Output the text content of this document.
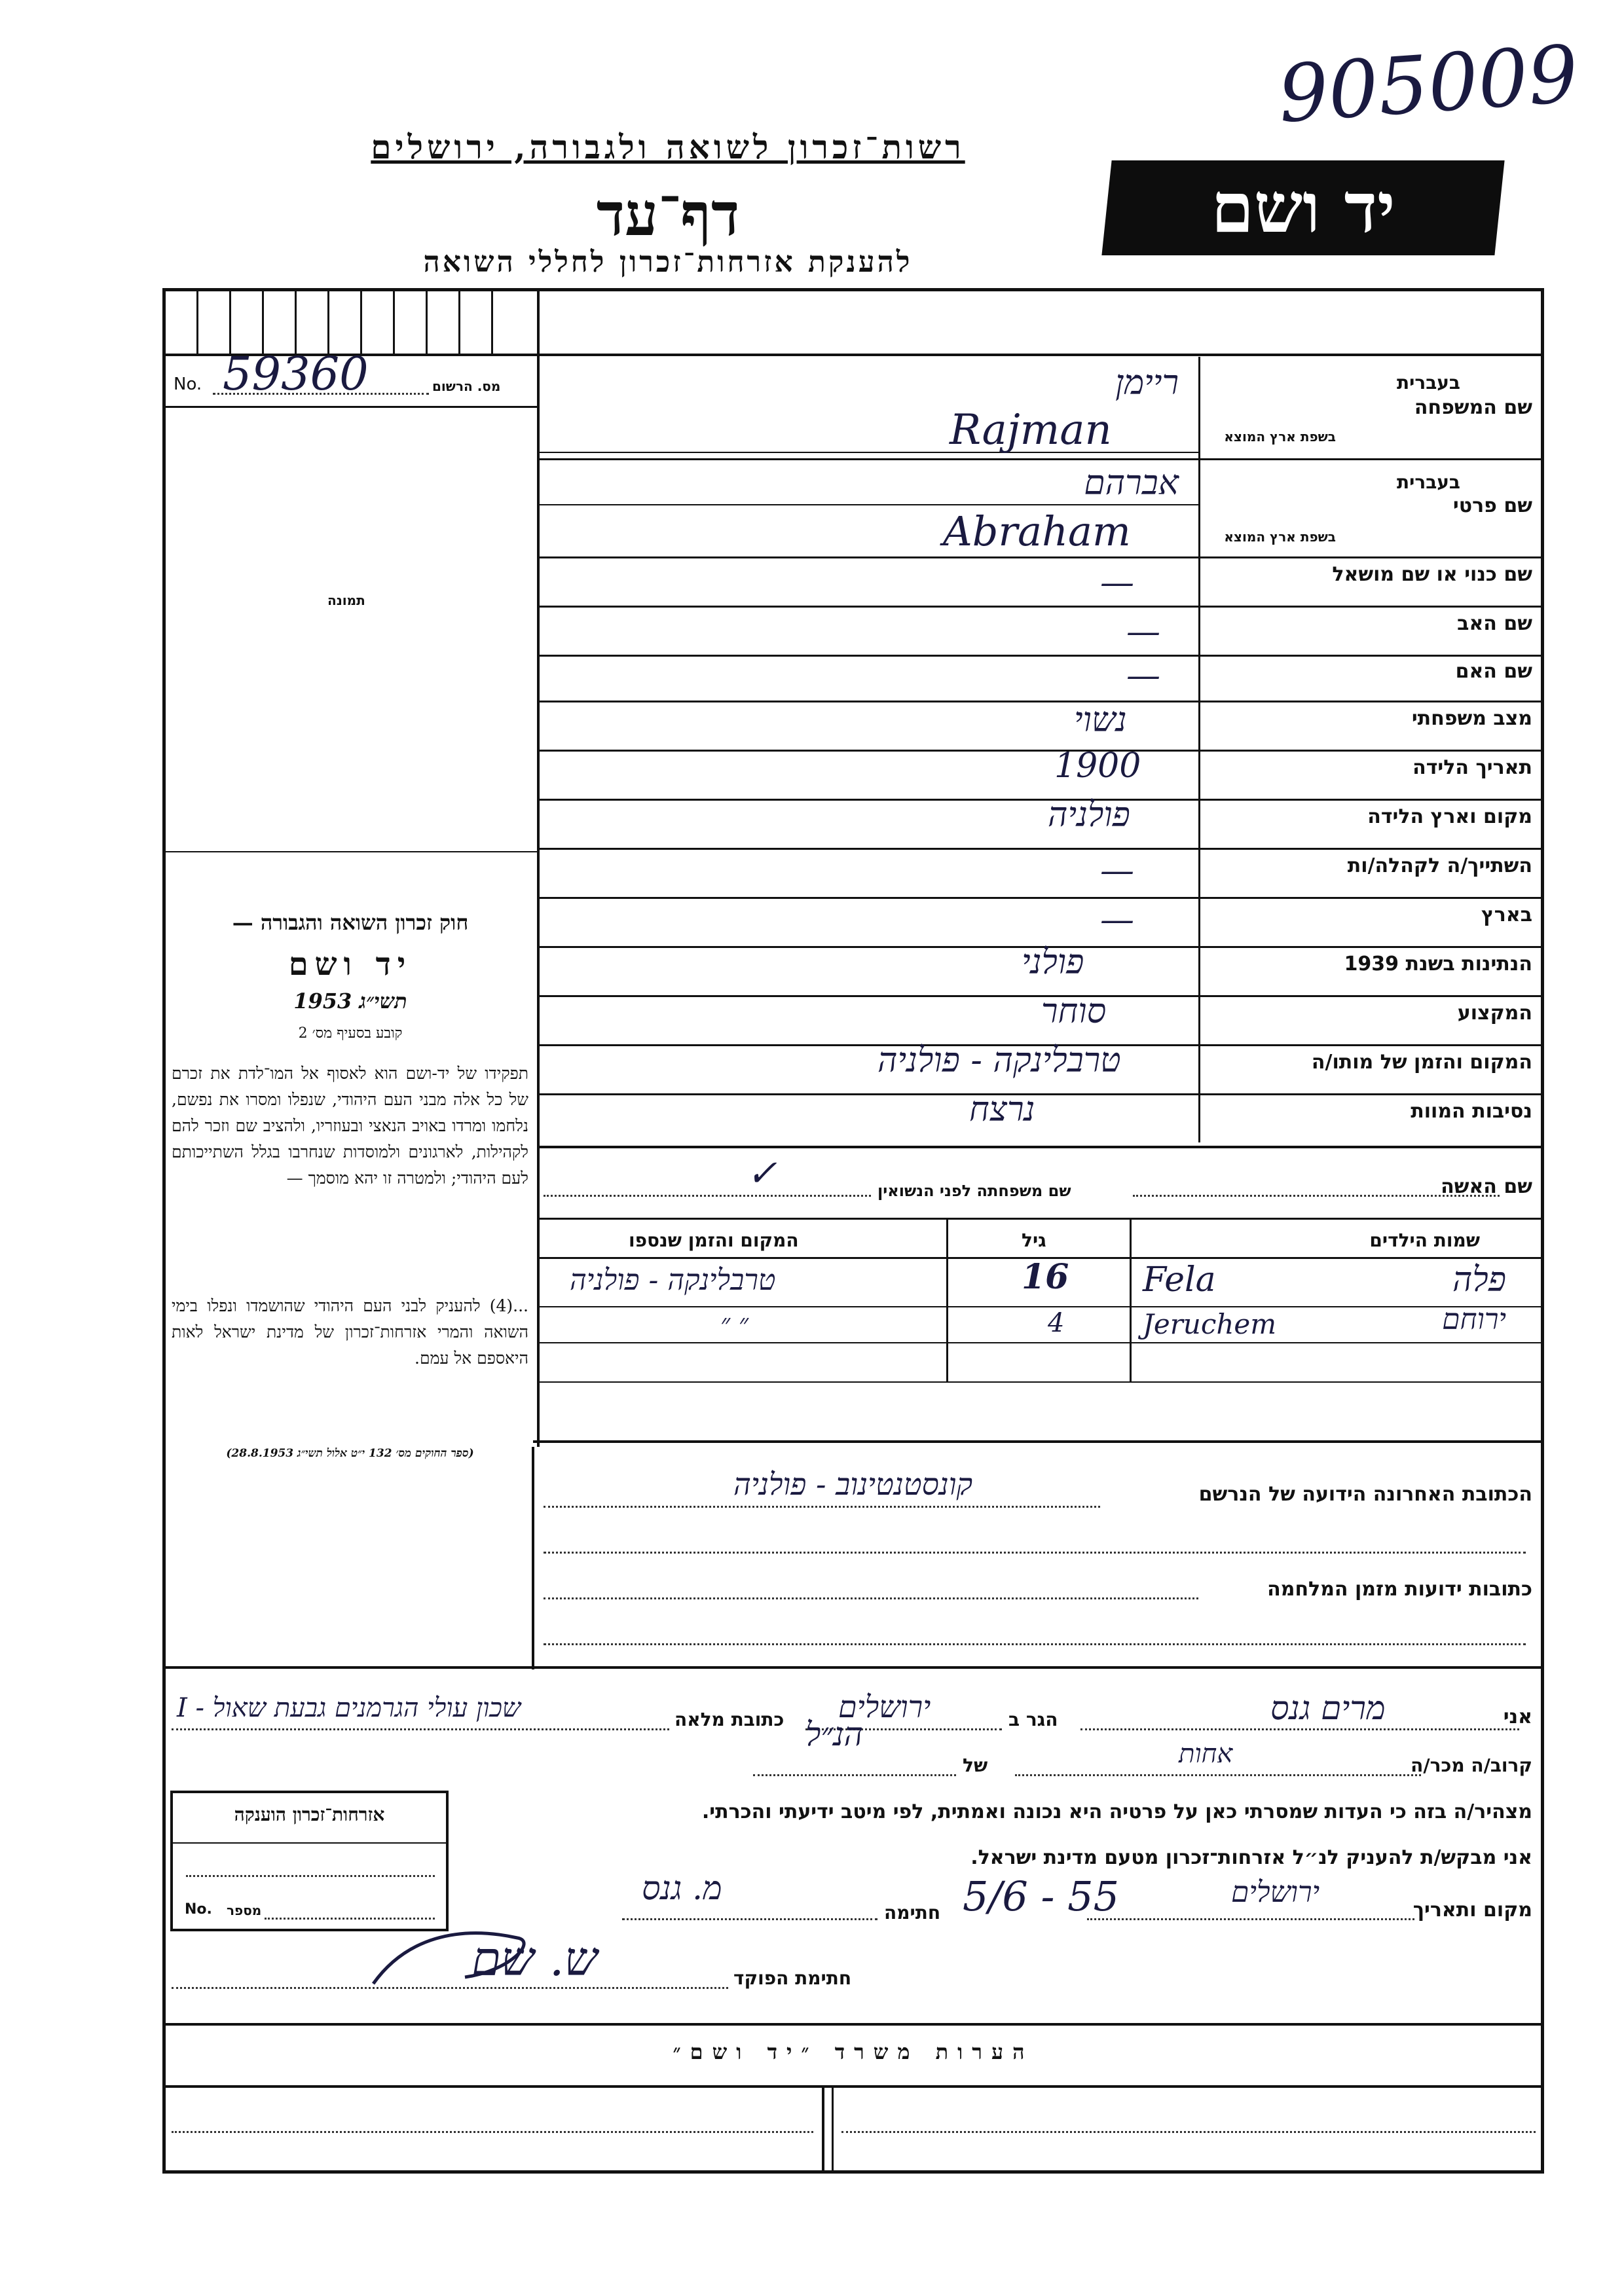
905009
רשות־זכרון לשואה ולגבורה, ירושלים
דף־עד
להענקת אזרחות־זכרון לחללי השואה
יד ושם
No. 59360	מס. הרשום
תמונה
בעברית
שם המשפחה
בשפת ארץ המוצא
ריימן
Rajman
בעברית
שם פרטי
בשפת ארץ המוצא
אברהם
Abraham
שם כנוי או שם מושאל
—
שם האב
—
שם האם
—
מצב משפחתי
נשוי
תאריך הלידה
1900
מקום וארץ הלידה
פולניה
השתייך/ה לקהלה/ות
—
בארץ
—
הנתינות בשנת 1939
פולני
המקצוע
סוחר
המקום והזמן של מותו/ה
טרבלינקה - פולניה
נסיבות המוות
נרצח
שם האשה
שם משפחתה לפני הנשואין
✓
חוק זכרון השואה והגבורה —
יד ושם
תשי״ג 1953
קובע בסעיף מס׳ 2
תפקידו של יד-ושם הוא לאסוף אל המו־לדת את זכרם של כל אלה מבני העם היהודי, שנפלו ומסרו את נפשם, נלחמו ומרדו באויב הנאצי ובעוזריו, ולהציב שם וזכר להם לקהילות, לארגונים ולמוסדות שנחרבו בגלל השתייכותם לעם היהודי; ולמטרה זו יהא מוסמך —
...(4) להעניק לבני העם היהודי שהושמדו ונפלו בימי השואה והמרי אזרחות־זכרון של מדינת ישראל לאות היאספם אל עמם.
(ספר החוקים מס׳ 132 י״ט אלול תשי״ג 28.8.1953)
שמות הילדים
גיל
המקום והזמן שנספו
פלה
Fela
16
טרבלינקה - פולניה
ירוחם
Jeruchem
4
״ ״
הכתובת האחרונה הידועה של הנרשם
קונסטנטינוב - פולניה
כתובות ידועות מזמן המלחמה
אני
מרים גנס
הגר ב
ירושלים
כתובת מלאה
שכון עולי הגרמנים גבעת שאול - I
קרוב/ה מכר/ה
אחות
של
הנ״ל
מצהיר/ה בזה כי העדות שמסרתי כאן על פרטיה היא נכונה ואמתית, לפי מיטב ידיעתי והכרתי.
אני מבקש/ת להעניק לנ״ל אזרחות־זכרון מטעם מדינת ישראל.
מקום ותאריך
ירושלים
5/6 - 55
חתימה
מ. גנס
חתימת הפוקד
ש. שם
אזרחות־זכרון הוענקה
No. מספר
הערות משרד ״יד ושם״
